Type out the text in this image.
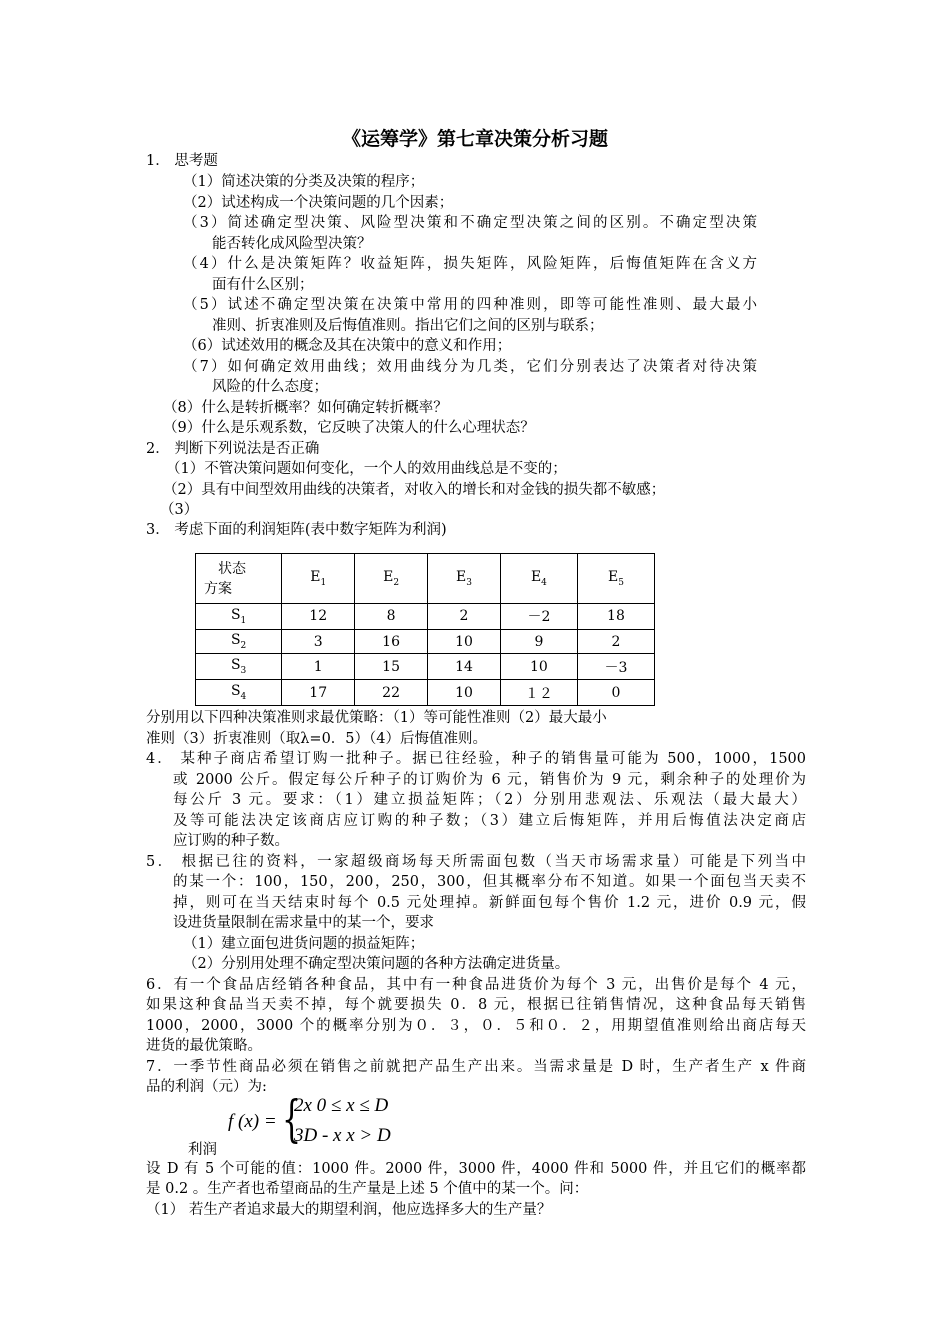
《运筹学》第七章决策分析习题
1． 思考题
（1）简述决策的分类及决策的程序；
（2）试述构成一个决策问题的几个因素；
（3）简述确定型决策、风险型决策和不确定型决策之间的区别。不确定型决策
能否转化成风险型决策？
（4）什么是决策矩阵？收益矩阵，损失矩阵，风险矩阵，后悔值矩阵在含义方
面有什么区别；
（5）试述不确定型决策在决策中常用的四种准则，即等可能性准则、最大最小
准则、折衷准则及后悔值准则。指出它们之间的区别与联系；
（6）试述效用的概念及其在决策中的意义和作用；
（7）如何确定效用曲线；效用曲线分为几类，它们分别表达了决策者对待决策
风险的什么态度；
（8）什么是转折概率？如何确定转折概率？
（9）什么是乐观系数，它反映了决策人的什么心理状态？
2． 判断下列说法是否正确
（1）不管决策问题如何变化，一个人的效用曲线总是不变的；
（2）具有中间型效用曲线的决策者，对收入的增长和对金钱的损失都不敏感；
（3）
3． 考虑下面的利润矩阵(表中数字矩阵为利润)
状态
方案	$E_1$	$E_2$	$E_3$	$E_4$	$E_5$
$S_1$	12	8	2	－2	18
$S_2$	3	16	10	9	2
$S_3$	1	15	14	10	－3
$S_4$	17	22	10	１２	0
分别用以下四种决策准则求最优策略：（1）等可能性准则（2）最大最小
准则（3）折衷准则（取λ=0．5）（4）后悔值准则。
4． 某种子商店希望订购一批种子。据已往经验，种子的销售量可能为 500，1000，1500
或 2000 公斤。假定每公斤种子的订购价为 6 元，销售价为 9 元，剩余种子的处理价为
每公斤 3 元。要求：（1）建立损益矩阵；（2）分别用悲观法、乐观法（最大最大）
及等可能法决定该商店应订购的种子数；（3）建立后悔矩阵，并用后悔值法决定商店
应订购的种子数。
5． 根据已往的资料，一家超级商场每天所需面包数（当天市场需求量）可能是下列当中
的某一个：100，150，200，250，300，但其概率分布不知道。如果一个面包当天卖不
掉，则可在当天结束时每个 0.5 元处理掉。新鲜面包每个售价 1.2 元，进价 0.9 元，假
设进货量限制在需求量中的某一个，要求
（1）建立面包进货问题的损益矩阵；
（2）分别用处理不确定型决策问题的各种方法确定进货量。
6．有一个食品店经销各种食品，其中有一种食品进货价为每个 3 元，出售价是每个 4 元，
如果这种食品当天卖不掉，每个就要损失 0．8 元，根据已往销售情况，这种食品每天销售
1000，2000，3000 个的概率分别为０．３，０．５和０．２，用期望值准则给出商店每天
进货的最优策略。
7．一季节性商品必须在销售之前就把产品生产出来。当需求量是 D 时，生产者生产 x 件商
品的利润（元）为:
f (x) = {
2x 0 ≤ x ≤ D
3D - x x > D
利润
设 D 有 5 个可能的值：1000 件。2000 件，3000 件，4000 件和 5000 件，并且它们的概率都
是 0.2 。生产者也希望商品的生产量是上述 5 个值中的某一个。问：
（1） 若生产者追求最大的期望利润，他应选择多大的生产量？
